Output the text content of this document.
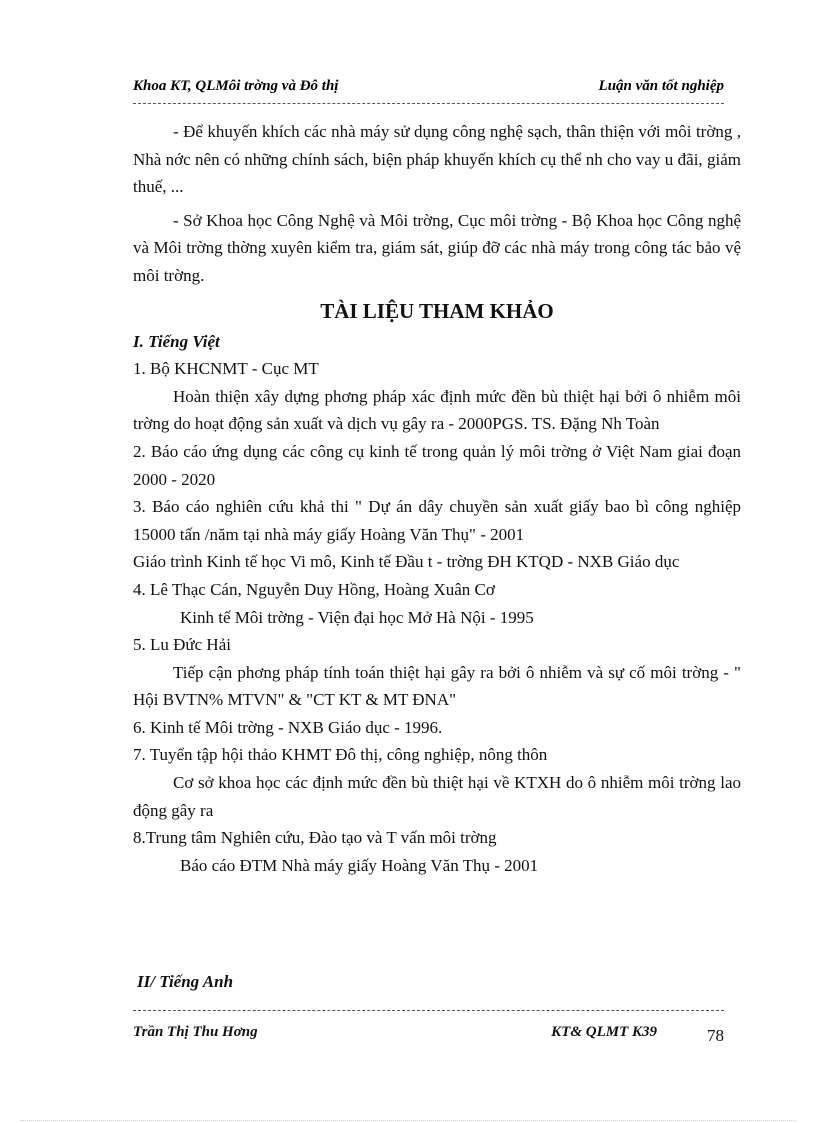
Khoa KT, QLMôi trờng và Đô thị	Luận văn tốt nghiệp

- Để khuyến khích các nhà máy sử dụng công nghệ sạch, thân thiện với môi trờng , Nhà nớc nên có những chính sách, biện pháp khuyến khích cụ thể nh cho vay u đãi, giảm thuế, ...

- Sở Khoa học Công Nghệ và Môi trờng, Cục môi trờng - Bộ Khoa học Công nghệ và Môi trờng thờng xuyên kiểm tra, giám sát, giúp đỡ các nhà máy trong công tác bảo vệ môi trờng.

TÀI LIỆU THAM KHẢO
I. Tiếng Việt

1. Bộ KHCNMT - Cục MT

Hoàn thiện xây dựng phơng pháp xác định mức đền bù thiệt hại bởi ô nhiễm môi trờng do hoạt động sản xuất và dịch vụ gây ra - 2000PGS. TS. Đặng Nh Toàn

2. Báo cáo ứng dụng các công cụ kinh tế trong quản lý môi trờng ở Việt Nam giai đoạn 2000 - 2020

3. Báo cáo nghiên cứu khả thi " Dự án dây chuyền sản xuất giấy bao bì công nghiệp 15000 tấn /năm tại nhà máy giấy Hoàng Văn Thụ" - 2001

Giáo trình Kinh tế học Vi mô, Kinh tế Đầu t - trờng ĐH KTQD - NXB Giáo dục

4. Lê Thạc Cán, Nguyễn Duy Hồng, Hoàng Xuân Cơ

Kinh tế Môi trờng - Viện đại học Mở Hà Nội - 1995

5. Lu Đức Hải

Tiếp cận phơng pháp tính toán thiệt hại gây ra bởi ô nhiễm và sự cố môi trờng - " Hội BVTN% MTVN" & "CT KT & MT ĐNA"

6. Kinh tế Môi trờng - NXB Giáo dục - 1996.

7. Tuyển tập hội thảo KHMT Đô thị, công nghiệp, nông thôn

Cơ sở khoa học các định mức đền bù thiệt hại về KTXH do ô nhiễm môi trờng lao động gây ra

8.Trung tâm Nghiên cứu, Đào tạo và T vấn môi trờng

Báo cáo ĐTM Nhà máy giấy Hoàng Văn Thụ - 2001

II/ Tiếng Anh
Trần Thị Thu Hơng	KT& QLMT K39	78
